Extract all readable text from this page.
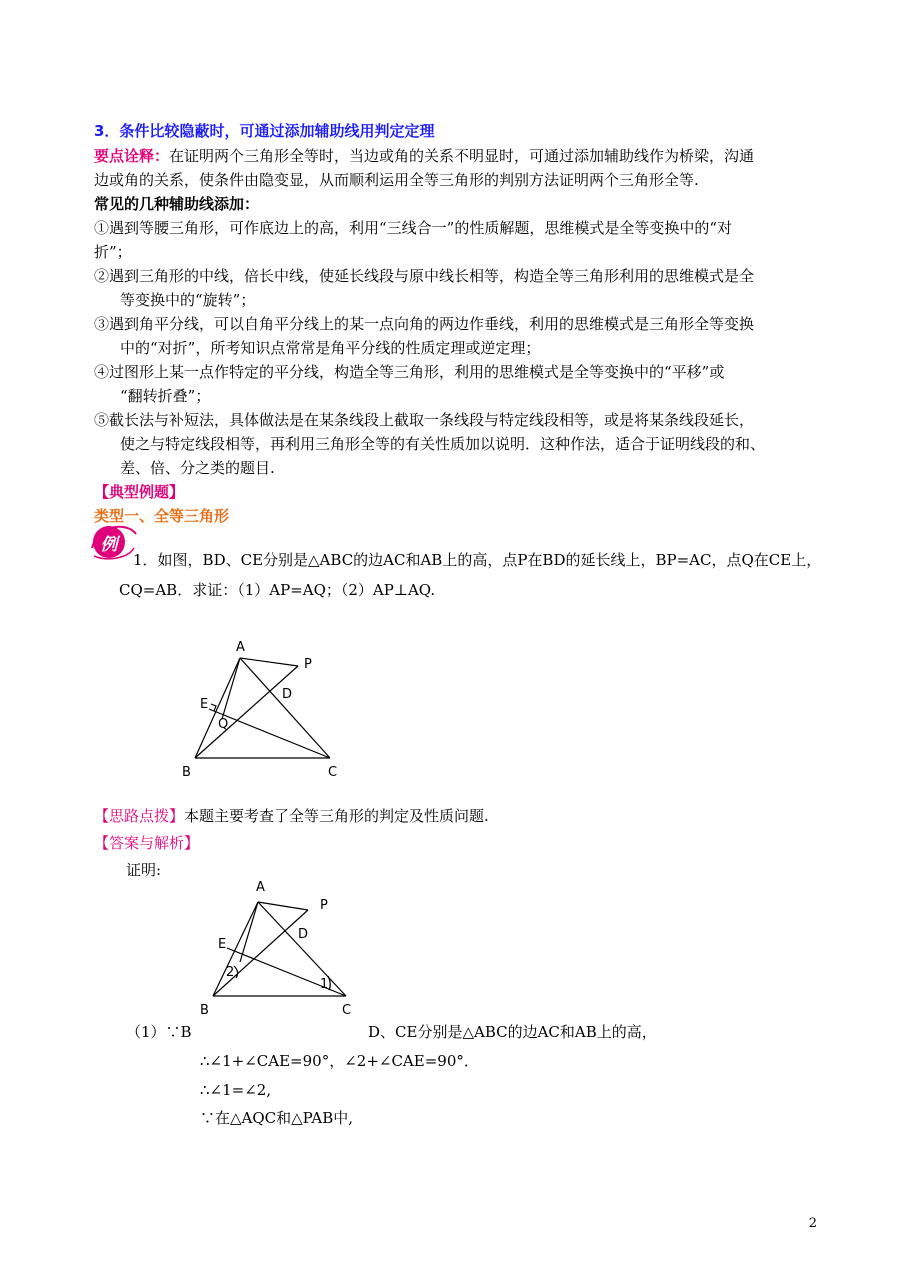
3．条件比较隐蔽时，可通过添加辅助线用判定定理
要点诠释：在证明两个三角形全等时，当边或角的关系不明显时，可通过添加辅助线作为桥梁，沟通
边或角的关系，使条件由隐变显，从而顺利运用全等三角形的判别方法证明两个三角形全等.
常见的几种辅助线添加：
①遇到等腰三角形，可作底边上的高，利用“三线合一”的性质解题，思维模式是全等变换中的“对
折”；
②遇到三角形的中线，倍长中线，使延长线段与原中线长相等，构造全等三角形利用的思维模式是全
等变换中的“旋转”；
③遇到角平分线，可以自角平分线上的某一点向角的两边作垂线，利用的思维模式是三角形全等变换
中的“对折”，所考知识点常常是角平分线的性质定理或逆定理；
④过图形上某一点作特定的平分线，构造全等三角形，利用的思维模式是全等变换中的“平移”或
“翻转折叠”；
⑤截长法与补短法，具体做法是在某条线段上截取一条线段与特定线段相等，或是将某条线段延长，
使之与特定线段相等，再利用三角形全等的有关性质加以说明．这种作法，适合于证明线段的和、
差、倍、分之类的题目.
【典型例题】
类型一、全等三角形
例
1．如图，BD、CE分别是△ABC的边AC和AB上的高，点P在BD的延长线上，BP=AC，点Q在CE上，
CQ=AB．求证：（1）AP=AQ；（2）AP⊥AQ.
A
P
D
E
Q
B	C
【思路点拨】本题主要考查了全等三角形的判定及性质问题.
【答案与解析】
证明:
A
P
D
E
2
1
B	C
（1）∵B	D、CE分别是△ABC的边AC和AB上的高，
∴∠1+∠CAE=90°，∠2+∠CAE=90°．
∴∠1=∠2,
∵在△AQC和△PAB中,
2
